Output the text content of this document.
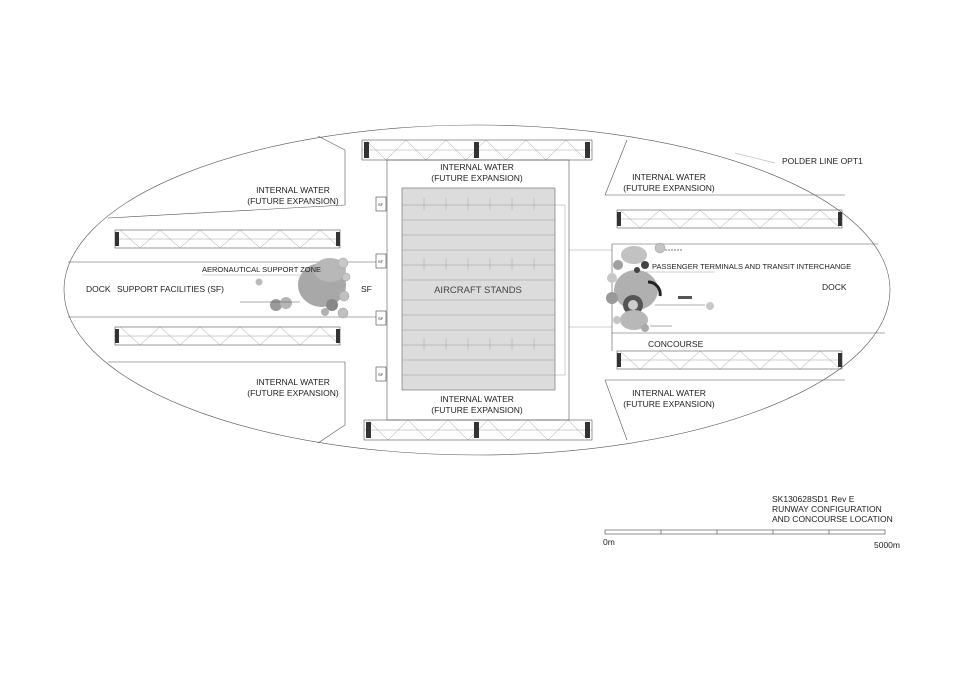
SF
SF
SF
SF
POLDER LINE OPT1
INTERNAL WATER
(FUTURE EXPANSION)
INTERNAL WATER
(FUTURE EXPANSION)
INTERNAL WATER
(FUTURE EXPANSION)
INTERNAL WATER
(FUTURE EXPANSION)
INTERNAL WATER
(FUTURE EXPANSION)
INTERNAL WATER
(FUTURE EXPANSION)
DOCK	DOCK
SUPPORT FACILITIES (SF)
AERONAUTICAL SUPPORT ZONE
SF	AIRCRAFT STANDS
PASSENGER TERMINALS AND TRANSIT INTERCHANGE
CONCOURSE
SK130628SD1 Rev E
RUNWAY CONFIGURATION
AND CONCOURSE LOCATION
0m	5000m
